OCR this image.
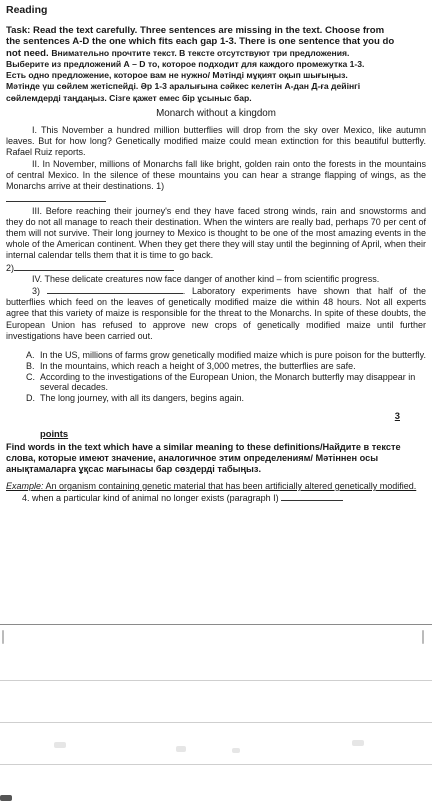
Reading
Task: Read the text carefully. Three sentences are missing in the text. Choose from
the sentences A-D the one which fits each gap 1-3. There is one sentence that you do
not need. Внимательно прочтите текст. В тексте отсутствуют три предложения.
Выберите из предложений А – D то, которое подходит для каждого промежутка 1-3.
Есть одно предложение, которое вам не нужно/ Мәтінді мұқият оқып шығыңыз.
Мәтінде үш сөйлем жетіспейді. Әр 1-3 аралығына сәйкес келетін А-дан Д-ға дейінгі
сөйлемдерді таңдаңыз. Сізге қажет емес бір ұсыныс бар.
Monarch without a kingdom

I. This November a hundred million butterflies will drop from the sky over Mexico, like autumn leaves. But for how long? Genetically modified maize could mean extinction for this beautiful butterfly. Rafael Ruiz reports.

II. In November, millions of Monarchs fall like bright, golden rain onto the forests in the mountains of central Mexico. In the silence of these mountains you can hear a strange flapping of wings, as the Monarchs arrive at their destinations. 1)

III. Before reaching their journey's end they have faced strong winds, rain and snowstorms and they do not all manage to reach their destination. When the winters are really bad, perhaps 70 per cent of them will not survive. Their long journey to Mexico is thought to be one of the most amazing events in the whole of the American continent. When they get there they will stay until the beginning of April, when their internal calendar tells them that it is time to go back.
2)

IV. These delicate creatures now face danger of another kind – from scientific progress.
3)	. Laboratory experiments have shown that half of the butterflies which feed on the leaves of genetically modified maize die within 48 hours. Not all experts agree that this variety of maize is responsible for the threat to the Monarchs. In spite of these doubts, the European Union has refused to approve new crops of genetically modified maize until further investigations have been carried out.

A. In the US, millions of farms grow genetically modified maize which is pure poison for the butterfly.
B. In the mountains, which reach a height of 3,000 metres, the butterflies are safe.
C. According to the investigations of the European Union, the Monarch butterfly may disappear in several decades.
D. The long journey, with all its dangers, begins again.
3
points
Find words in the text which have a similar meaning to these definitions/Найдите в тексте слова, которые имеют значение, аналогичное этим определениям/ Мәтіннен осы анықтамаларға ұқсас мағынасы бар сөздерді табыңыз.
Example: An organism containing genetic material that has been artificially altered genetically modified.
4. when a particular kind of animal no longer exists (paragraph I)
